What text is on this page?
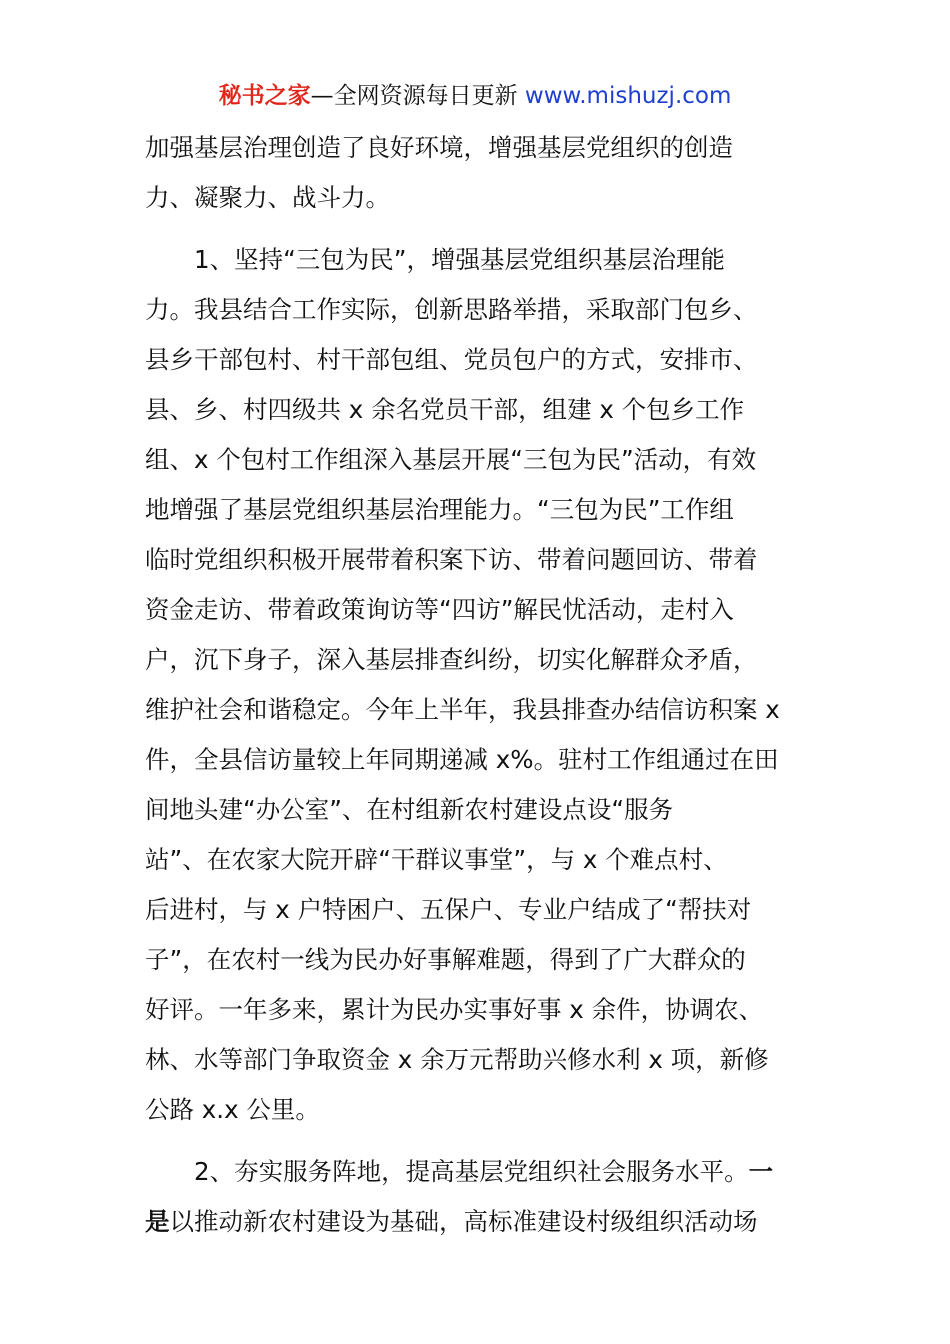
秘书之家—全网资源每日更新 www.mishuzj.com
加强基层治理创造了良好环境，增强基层党组织的创造
力、凝聚力、战斗力。
　　1、坚持“三包为民”，增强基层党组织基层治理能
力。我县结合工作实际，创新思路举措，采取部门包乡、
县乡干部包村、村干部包组、党员包户的方式，安排市、
县、乡、村四级共 x 余名党员干部，组建 x 个包乡工作
组、x 个包村工作组深入基层开展“三包为民”活动，有效
地增强了基层党组织基层治理能力。“三包为民”工作组
临时党组织积极开展带着积案下访、带着问题回访、带着
资金走访、带着政策询访等“四访”解民忧活动，走村入
户，沉下身子，深入基层排查纠纷，切实化解群众矛盾，
维护社会和谐稳定。今年上半年，我县排查办结信访积案 x
件，全县信访量较上年同期递减 x%。驻村工作组通过在田
间地头建“办公室”、在村组新农村建设点设“服务
站”、在农家大院开辟“干群议事堂”，与 x 个难点村、
后进村，与 x 户特困户、五保户、专业户结成了“帮扶对
子”，在农村一线为民办好事解难题，得到了广大群众的
好评。一年多来，累计为民办实事好事 x 余件，协调农、
林、水等部门争取资金 x 余万元帮助兴修水利 x 项，新修
公路 x.x 公里。
　　2、夯实服务阵地，提高基层党组织社会服务水平。一
是以推动新农村建设为基础，高标准建设村级组织活动场
